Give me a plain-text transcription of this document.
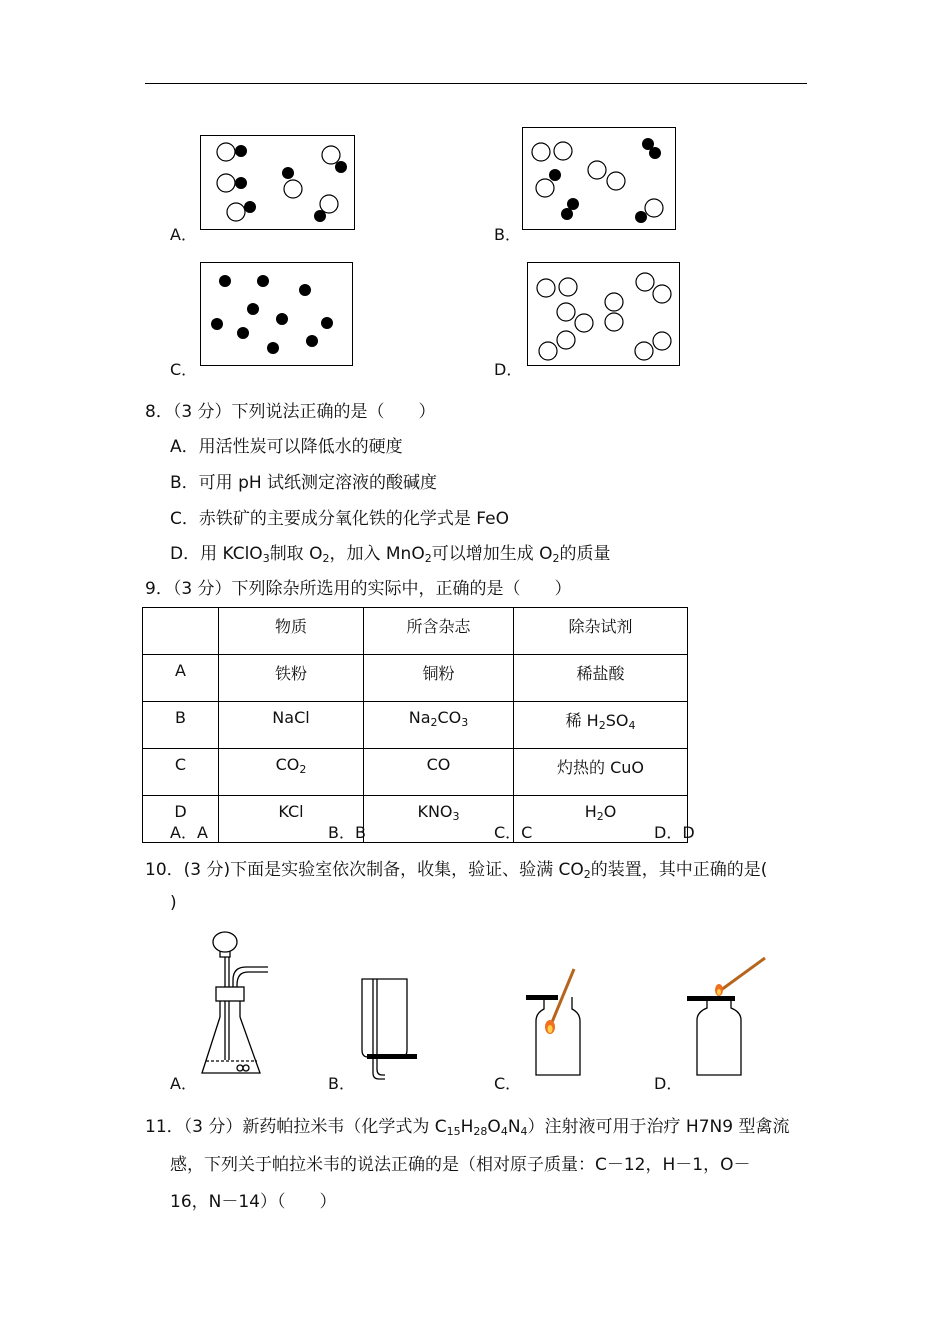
A．	B．
C．	D．
8．（3 分）下列说法正确的是（　　）
A．用活性炭可以降低水的硬度
B．可用 pH 试纸测定溶液的酸碱度
C．赤铁矿的主要成分氧化铁的化学式是 FeO
D．用 KClO$_3$制取 $O_2$，加入 MnO$_2$可以增加生成 $O_2$的质量
9．（3 分）下列除杂所选用的实际中，正确的是（　　）
	物质	所含杂志	除杂试剂
A	铁粉	铜粉	稀盐酸
B	NaCl	$Na_2CO_3$	稀 $H_2SO_4$
C	$CO_2$	CO	灼热的 CuO
D	KCl	$KNO_3$	$H_2O$
A．A	B．B	C．C	D．D
10．(3 分)下面是实验室依次制备，收集，验证、验满 $CO_2$的装置，其中正确的是(
)
A．	B．	C．	D．
11．（3 分）新药帕拉米韦（化学式为 $C_{15}H_{28}O_4N_4$）注射液可用于治疗 H7N9 型禽流
感，下列关于帕拉米韦的说法正确的是（相对原子质量：C－12，H－1，O－
16，N－14）（　　）
